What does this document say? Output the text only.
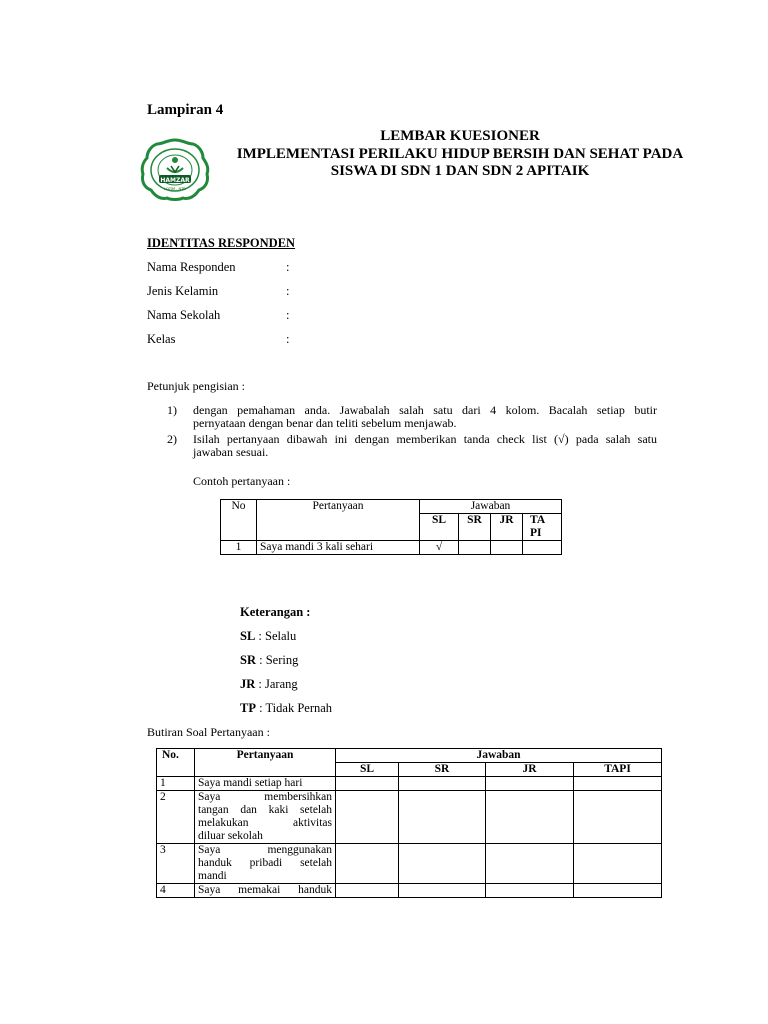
Lampiran 4
HAMZAR
LOTIM - NTB
LEMBAR KUESIONER
IMPLEMENTASI PERILAKU HIDUP BERSIH DAN SEHAT PADA
SISWA DI SDN 1 DAN SDN 2 APITAIK
IDENTITAS RESPONDEN
Nama Responden	:
Jenis Kelamin	:
Nama Sekolah	:
Kelas	:
Petunjuk pengisian :
1) dengan pemahaman anda. Jawabalah salah satu dari 4 kolom. Bacalah setiap butir
pernyataan dengan benar dan teliti sebelum menjawab.
2) Isilah pertanyaan dibawah ini dengan memberikan tanda check list (√) pada salah satu
jawaban sesuai.
Contoh pertanyaan :
No	Pertanyaan	Jawaban			
		SL	SR	JR	TA
PI
1	Saya mandi 3 kali sehari	√			
Keterangan :
SL : Selalu
SR : Sering
JR : Jarang
TP : Tidak Pernah
Butiran Soal Pertanyaan :
No.	Pertanyaan	Jawaban			
		SL	SR	JR	TAPI
1	Saya mandi setiap hari				
2	Saya membersihkan
tangan dan kaki setelah
melakukan aktivitas
diluar sekolah				
3	Saya menggunakan
handuk pribadi setelah
mandi				
4	Saya memakai handuk				
